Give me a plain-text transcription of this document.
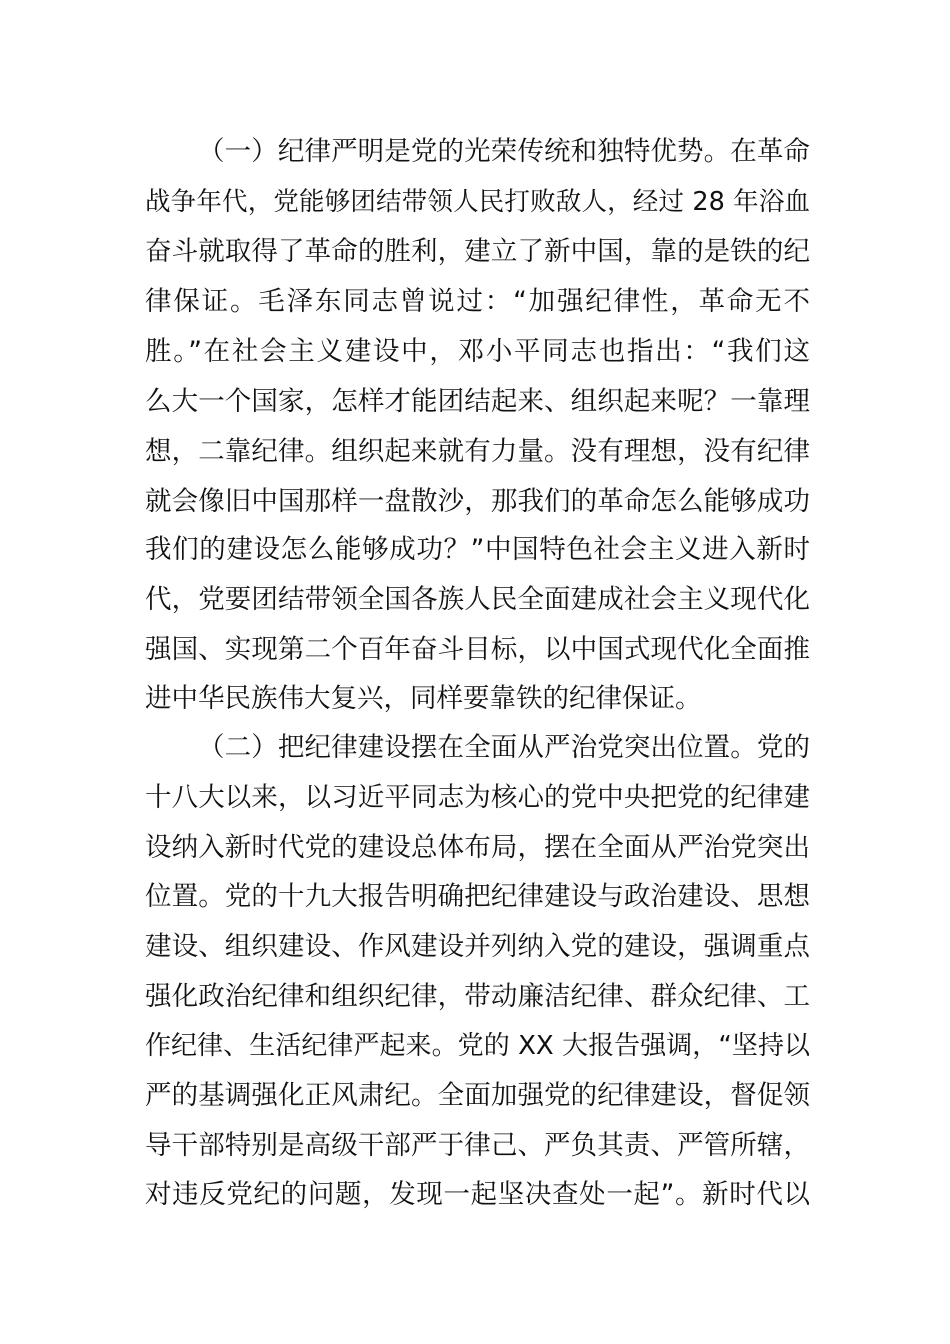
（一）纪律严明是党的光荣传统和独特优势。在革命
战争年代，党能够团结带领人民打败敌人，经过 28 年浴血
奋斗就取得了革命的胜利，建立了新中国，靠的是铁的纪
律保证。毛泽东同志曾说过：“加强纪律性，革命无不
胜。”在社会主义建设中，邓小平同志也指出：“我们这
么大一个国家，怎样才能团结起来、组织起来呢？一靠理
想，二靠纪律。组织起来就有力量。没有理想，没有纪律
就会像旧中国那样一盘散沙，那我们的革命怎么能够成功
我们的建设怎么能够成功？”中国特色社会主义进入新时
代，党要团结带领全国各族人民全面建成社会主义现代化
强国、实现第二个百年奋斗目标，以中国式现代化全面推
进中华民族伟大复兴，同样要靠铁的纪律保证。
（二）把纪律建设摆在全面从严治党突出位置。党的
十八大以来，以习近平同志为核心的党中央把党的纪律建
设纳入新时代党的建设总体布局，摆在全面从严治党突出
位置。党的十九大报告明确把纪律建设与政治建设、思想
建设、组织建设、作风建设并列纳入党的建设，强调重点
强化政治纪律和组织纪律，带动廉洁纪律、群众纪律、工
作纪律、生活纪律严起来。党的 XX 大报告强调，“坚持以
严的基调强化正风肃纪。全面加强党的纪律建设，督促领
导干部特别是高级干部严于律己、严负其责、严管所辖，
对违反党纪的问题，发现一起坚决查处一起”。新时代以
